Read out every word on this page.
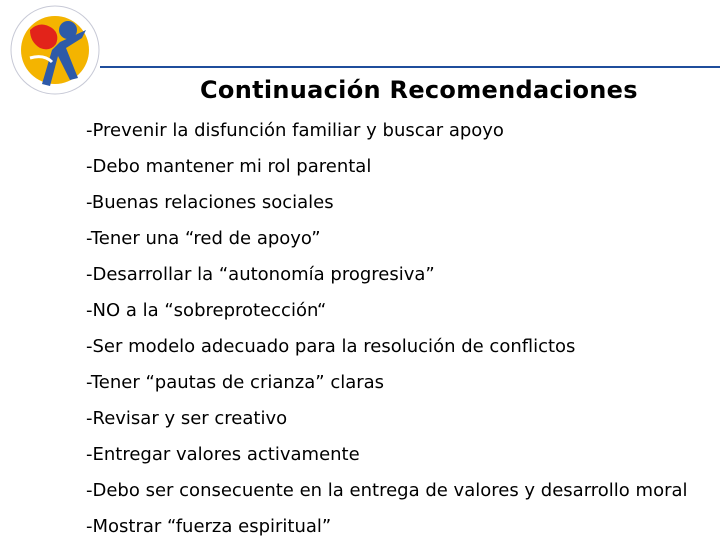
Continuación Recomendaciones
-Prevenir la disfunción familiar y buscar apoyo
-Debo mantener mi rol parental
-Buenas relaciones sociales
-Tener una “red de apoyo”
-Desarrollar la “autonomía progresiva”
-NO a la “sobreprotección“
-Ser modelo adecuado para la resolución de conflictos
-Tener “pautas de crianza” claras
-Revisar y ser creativo
-Entregar valores activamente
-Debo ser consecuente en la entrega de valores y desarrollo moral
-Mostrar “fuerza espiritual”
